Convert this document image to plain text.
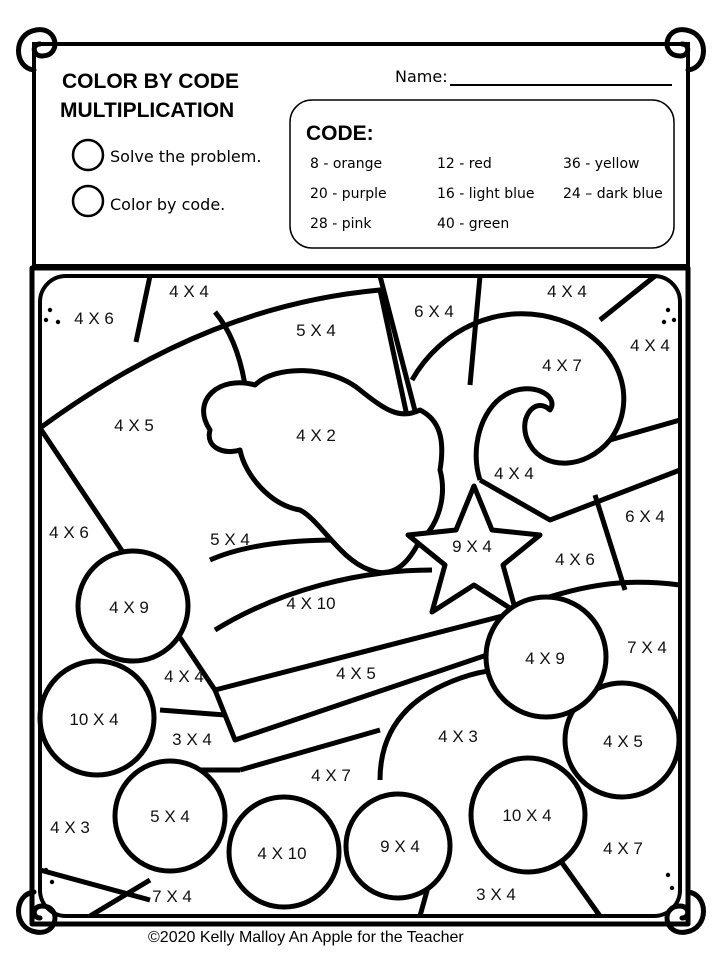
COLOR BY CODE
MULTIPLICATION
Solve the problem.
Color by code.
Name:
CODE:
8 - orange	12 - red	36 - yellow
20 - purple	16 - light blue 24 – dark blue
28 - pink	40 - green
4 X 6
4 X 4
5 X 4
6 X 4
4 X 4
4 X 7
4 X 4
4 X 5
4 X 2
4 X 4
4 X 6	5 X 4	9 X 4
6 X 4
4 X 6
4 X 9	4 X 10
4 X 9
7 X 4
4 X 4	4 X 5
10 X 4
3 X 4	4 X 3	4 X 5
4 X 7
5 X 4	10 X 4
4 X 3
9 X 4
4 X 10	4 X 7
7 X 4	3 X 4
©2020 Kelly Malloy An Apple for the Teacher
